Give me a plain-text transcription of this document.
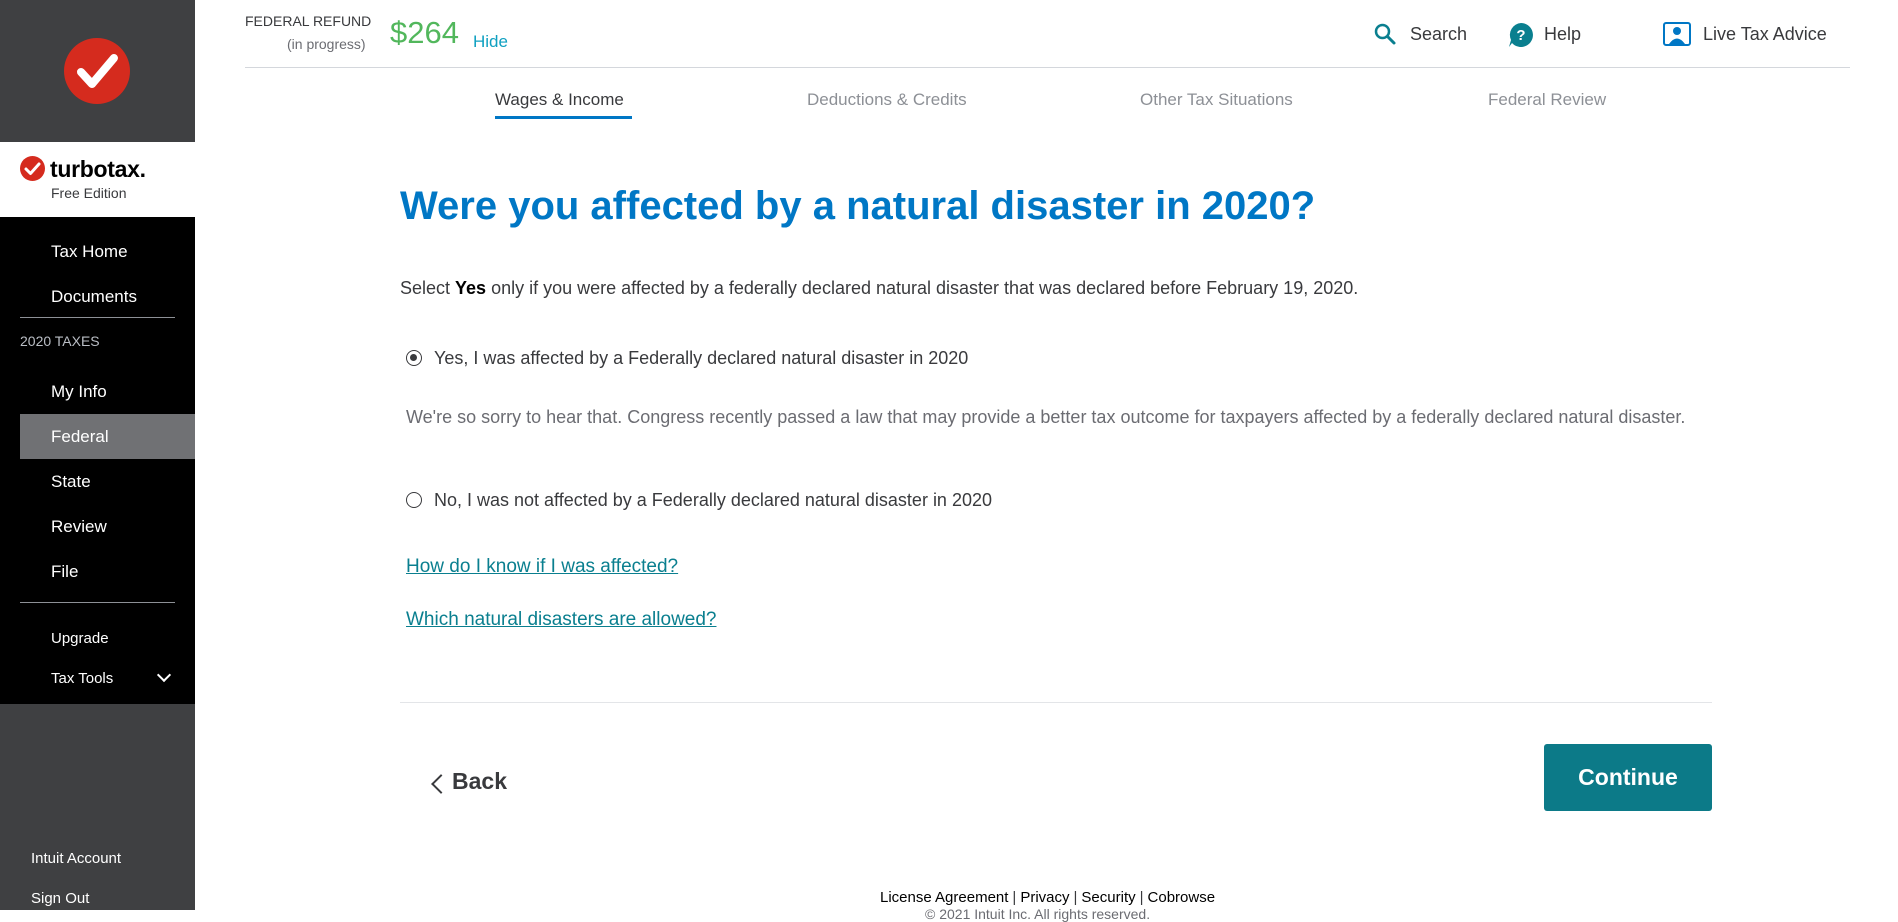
turbotax.
Free Edition
Tax Home
Documents
2020 TAXES
My Info
Federal
State
Review
File
Upgrade
Tax Tools
Intuit Account
Sign Out
FEDERAL REFUND
(in progress) $264 Hide	Search	? Help	Live Tax Advice
Wages & Income	Deductions & Credits	Other Tax Situations	Federal Review
Were you affected by a natural disaster in 2020?

Select Yes only if you were affected by a federally declared natural disaster that was declared before February 19, 2020.

Yes, I was affected by a Federally declared natural disaster in 2020

We're so sorry to hear that. Congress recently passed a law that may provide a better tax outcome for taxpayers affected by a federally declared natural disaster.

No, I was not affected by a Federally declared natural disaster in 2020
How do I know if I was affected?
Which natural disasters are allowed?
Back	Continue
License Agreement | Privacy | Security | Cobrowse
© 2021 Intuit Inc. All rights reserved.
